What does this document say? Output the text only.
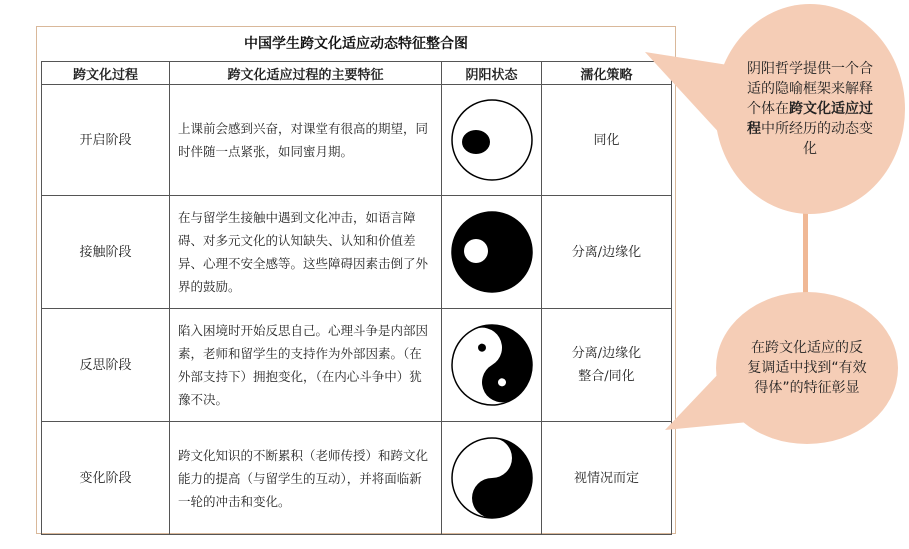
中国学生跨文化适应动态特征整合图
跨文化过程	跨文化适应过程的主要特征	阴阳状态	濡化策略
开启阶段	上课前会感到兴奋，对课堂有很高的期望，同时伴随一点紧张，如同蜜月期。		同化
接触阶段	在与留学生接触中遇到文化冲击，如语言障碍、对多元文化的认知缺失、认知和价值差异、心理不安全感等。这些障碍因素击倒了外界的鼓励。		分离/边缘化
反思阶段	陷入困境时开始反思自己。心理斗争是内部因素，老师和留学生的支持作为外部因素。（在外部支持下）拥抱变化，（在内心斗争中）犹豫不决。		分离/边缘化
整合/同化

变化阶段	跨文化知识的不断累积（老师传授）和跨文化能力的提高（与留学生的互动），并将面临新一轮的冲击和变化。		视情况而定
阴阳哲学提供一个合适的隐喻框架来解释个体在跨文化适应过程中所经历的动态变化
在跨文化适应的反复调适中找到“有效得体”的特征彰显
